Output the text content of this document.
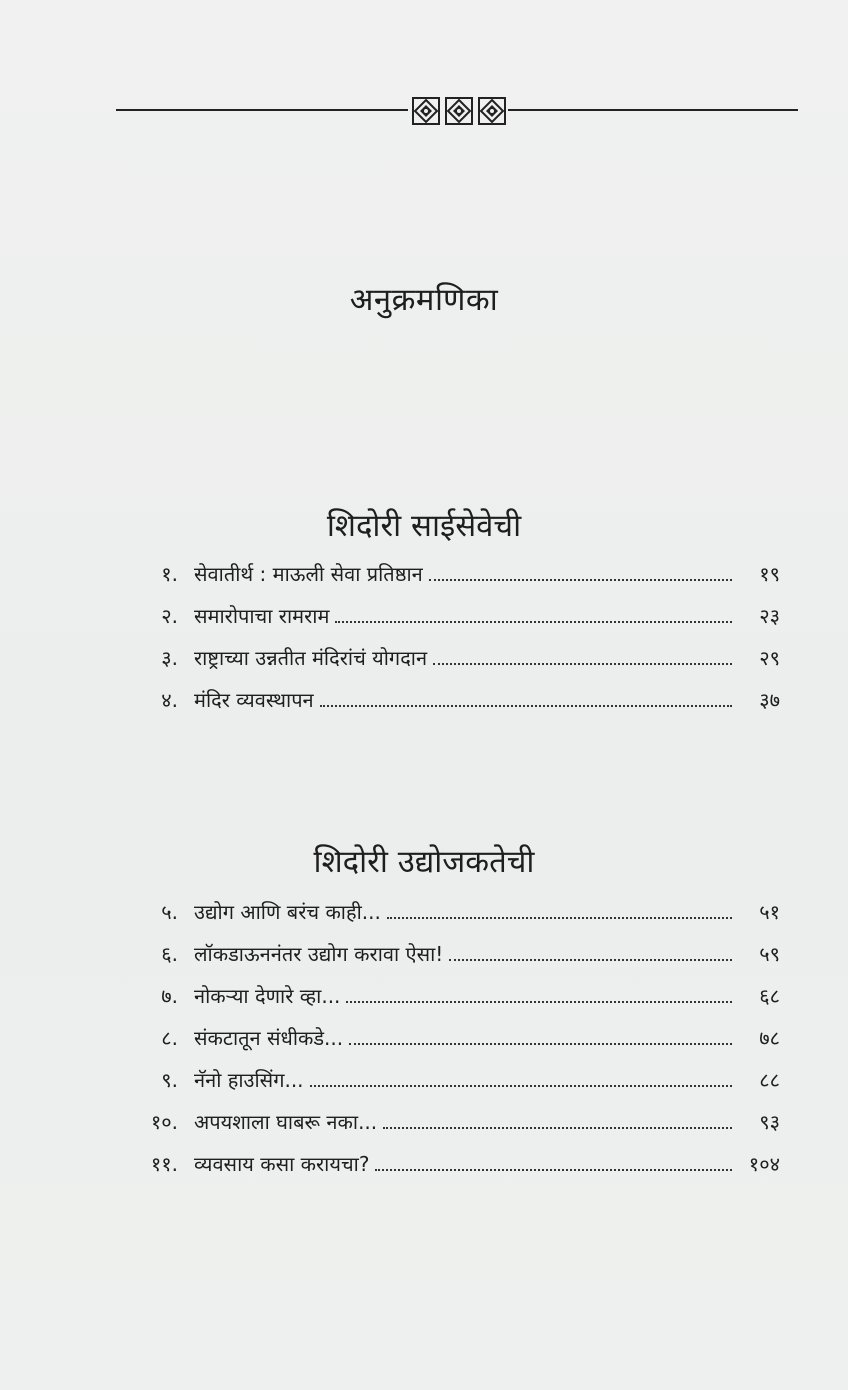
अनुक्रमणिका
शिदोरी साईसेवेची
१. सेवातीर्थ : माऊली सेवा प्रतिष्ठान	१९
२. समारोपाचा रामराम	२३
३. राष्ट्राच्या उन्नतीत मंदिरांचं योगदान	२९
४. मंदिर व्यवस्थापन	३७
शिदोरी उद्योजकतेची
५. उद्योग आणि बरंच काही...	५१
६. लॉकडाऊननंतर उद्योग करावा ऐसा!	५९
७. नोकऱ्या देणारे व्हा...	६८
८. संकटातून संधीकडे...	७८
९. नॅनो हाउसिंग...	८८
१०. अपयशाला घाबरू नका...	९३
११. व्यवसाय कसा करायचा?	१०४
